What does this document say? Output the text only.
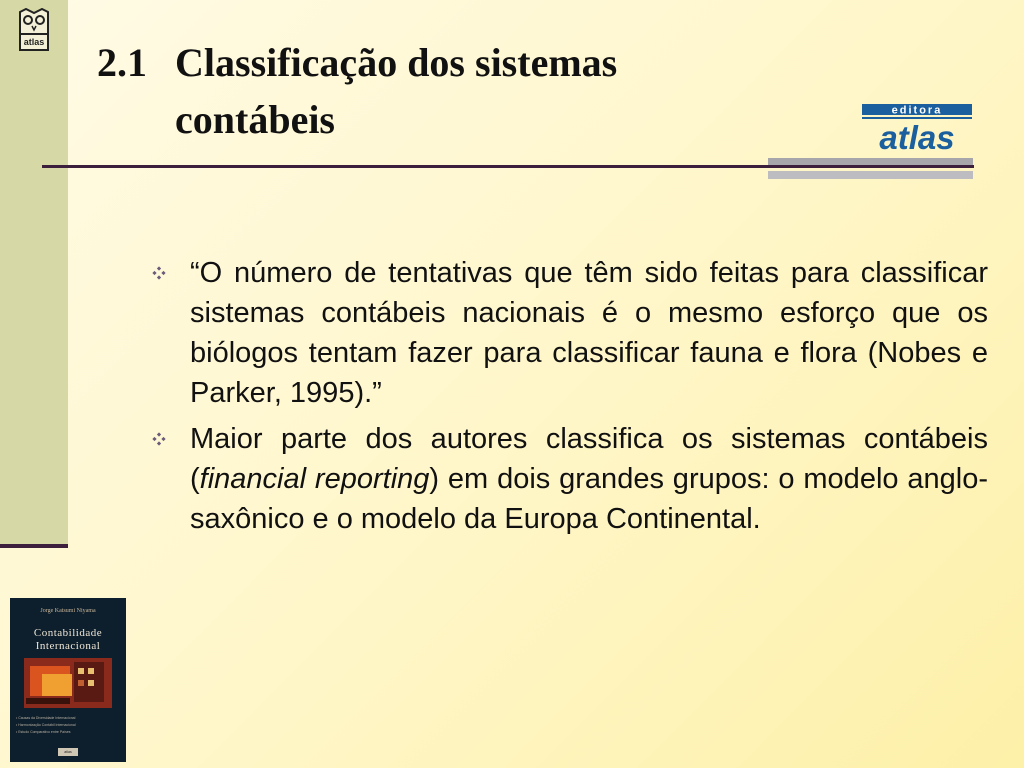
atlas 2.1 Classificação dos sistemas
contábeis	editora
atlas
“O número de tentativas que têm sido feitas para classificar sistemas contábeis nacionais é o mesmo esforço que os biólogos tentam fazer para classificar fauna e flora (Nobes e Parker, 1995).”
Maior parte dos autores classifica os sistemas contábeis (financial reporting) em dois grandes grupos: o modelo anglo-saxônico e o modelo da Europa Continental.
Jorge Katsumi Niyama
Contabilidade
Internacional
• Causas da Diversidade Internacional
• Harmonização Contábil Internacional
• Estudo Comparativo entre Países
atlas
